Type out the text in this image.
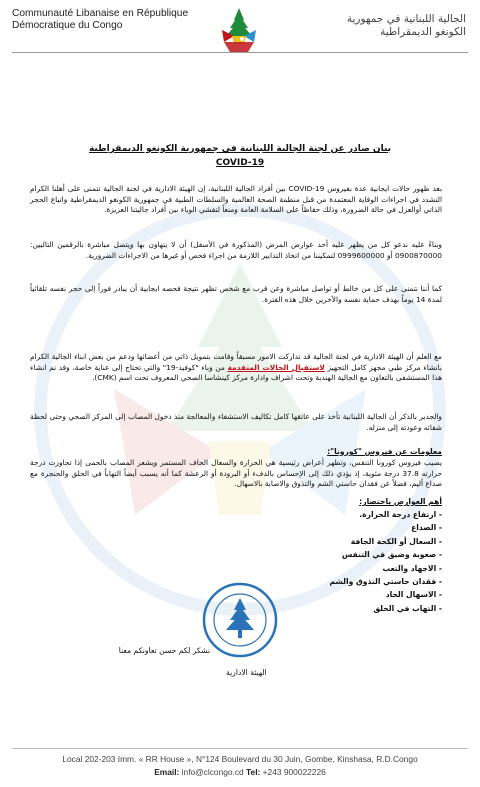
Communauté Libanaise en République
Démocratique du Congo
الجالية اللبنانية في جمهورية
الكونغو الديمقراطية
بيان صادر عن لجنة الجالية اللبنانية في جمهورية الكونغو الديمقراطية
COVID-19
بعد ظهور حالات ايجابية عدة بفيروس COVID-19 بين أفراد الجالية اللبنانية، إن الهيئة الادارية في لجنة الجالية تتمنى على أهلنا الكرام التشدد في اجراءات الوقاية المعتمدة من قبل منظمة الصحة العالمية والسلطات الطبية في جمهورية الكونغو الديمقراطية واتباع الحجر الذاتي أوالعزل في حالة الضرورة، وذلك حفاظاً على السلامة العامة ومنعاً لتفشي الوباء بين أفراد جاليتنا العزيزة.
وبناءً عليه ندعو كل من يظهر عليه أحد عوارض المرض (المذكورة في الأسفل) أن لا يتهاون بها ويتصل مباشرة بالرقمين التاليين: 0900870000 أو 0999600000 لتمكيننا من اتخاذ التدابير اللازمة من اجراء فحص أو غيرها من الاجراءات الضرورية.
كما أننا نتمنى على كل من خالط أو تواصل مباشرة وعن قرب مع شخص تظهر نتيجة فحصه ايجابية أن يبادر فوراً إلى حجر نفسه تلقائياً لمدة 14 يوماً بهدف حماية نفسه والآخرين خلال هذه الفترة.
مع العلم أن الهيئة الادارية في لجنة الجالية قد تداركت الامور مسبقاً وقامت بتمويل ذاتي من أعضائها ودعم من بعض ابناء الجالية الكرام بانشاء مركز طبي مجهز كامل التجهيز لاستقبال الحالات المتقدمة من وباء "كوفيد-19" والتي تحتاج إلى عناية خاصة، وقد تم انشاء هذا المستشفى بالتعاون مع الجالية الهندية وتحت اشراف وادارة مركز كينشاسا الصحي المعروف تحت اسم (CMK).
والجدير بالذكر أن الجالية اللبنانية تأخذ على عاتقها كامل تكاليف الاستشفاء والمعالجة منذ دخول المصاب إلى المركز الصحي وحتى لحظة شفائه وعودته إلى منزله.
معلومات عن فيروس "كورونا":
يصيب فيروس كورونا التنفس، وتظهر أعراض رئيسية هي الحرارة والسعال الجاف المستمر ويشعر المصاب بالحمى إذا تجاوزت درجة حرارته 37.8 درجة مئوية، إذ يؤدي ذلك إلى الإحساس بالدفء أو البرودة أو الرعشة كما أنه يسبب أيضاً التهاباً في الحلق والحنجرة مع صداع أليم، فضلاً عن فقدان حاستي الشم والتذوق والاصابة بالاسهال.
أهم العوارض باختصار:
- ارتفاع درجة الحرارة.
- الصداع
- السعال أو الكحة الجافة
- صعوبة وضيق في التنفس
- الاجهاد والتعب
- فقدان حاستي التذوق والشم
- الاسهال الحاد
- التهاب في الحلق
نشكر لكم حسن تعاونكم معنا
الهيئة الادارية
Local 202-203 Imm. « RR House », N°124 Boulevard du 30 Juin, Gombe, Kinshasa, R.D.Congo
Email: info@clcongo.cd Tel: +243 900022226
